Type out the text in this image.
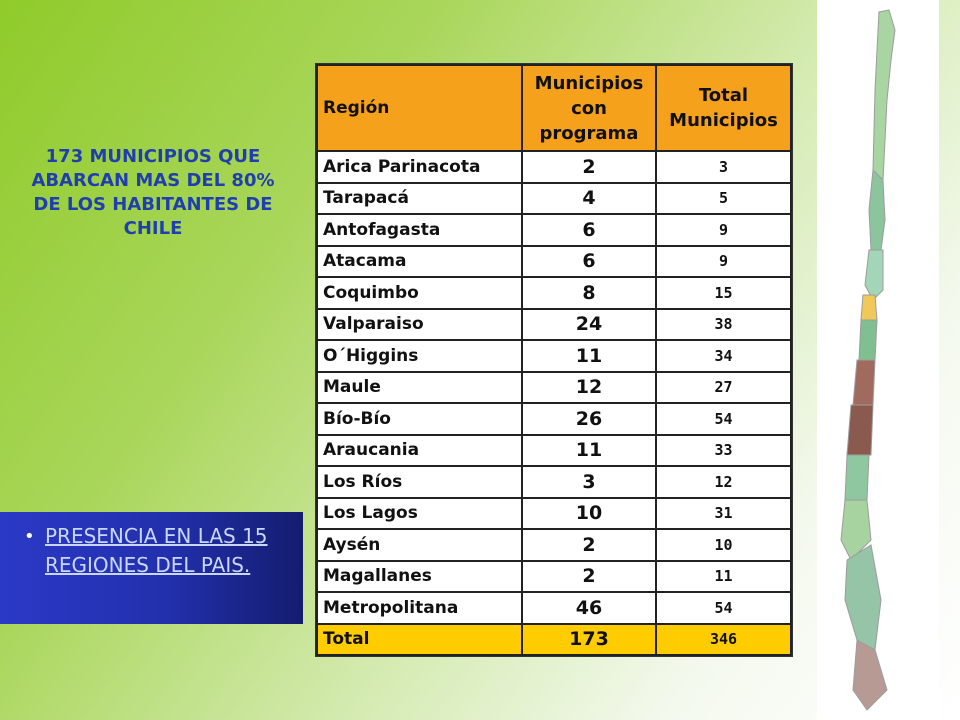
173 MUNICIPIOS QUE ABARCAN MAS DEL 80% DE LOS HABITANTES DE CHILE
• PRESENCIA EN LAS 15 REGIONES DEL PAIS.
Región	Municipios con programa	Total Municipios
Arica Parinacota	2	3
Tarapacá	4	5
Antofagasta	6	9
Atacama	6	9
Coquimbo	8	15
Valparaiso	24	38
O´Higgins	11	34
Maule	12	27
Bío-Bío	26	54
Araucania	11	33
Los Ríos	3	12
Los Lagos	10	31
Aysén	2	10
Magallanes	2	11
Metropolitana	46	54
Total	173	346
